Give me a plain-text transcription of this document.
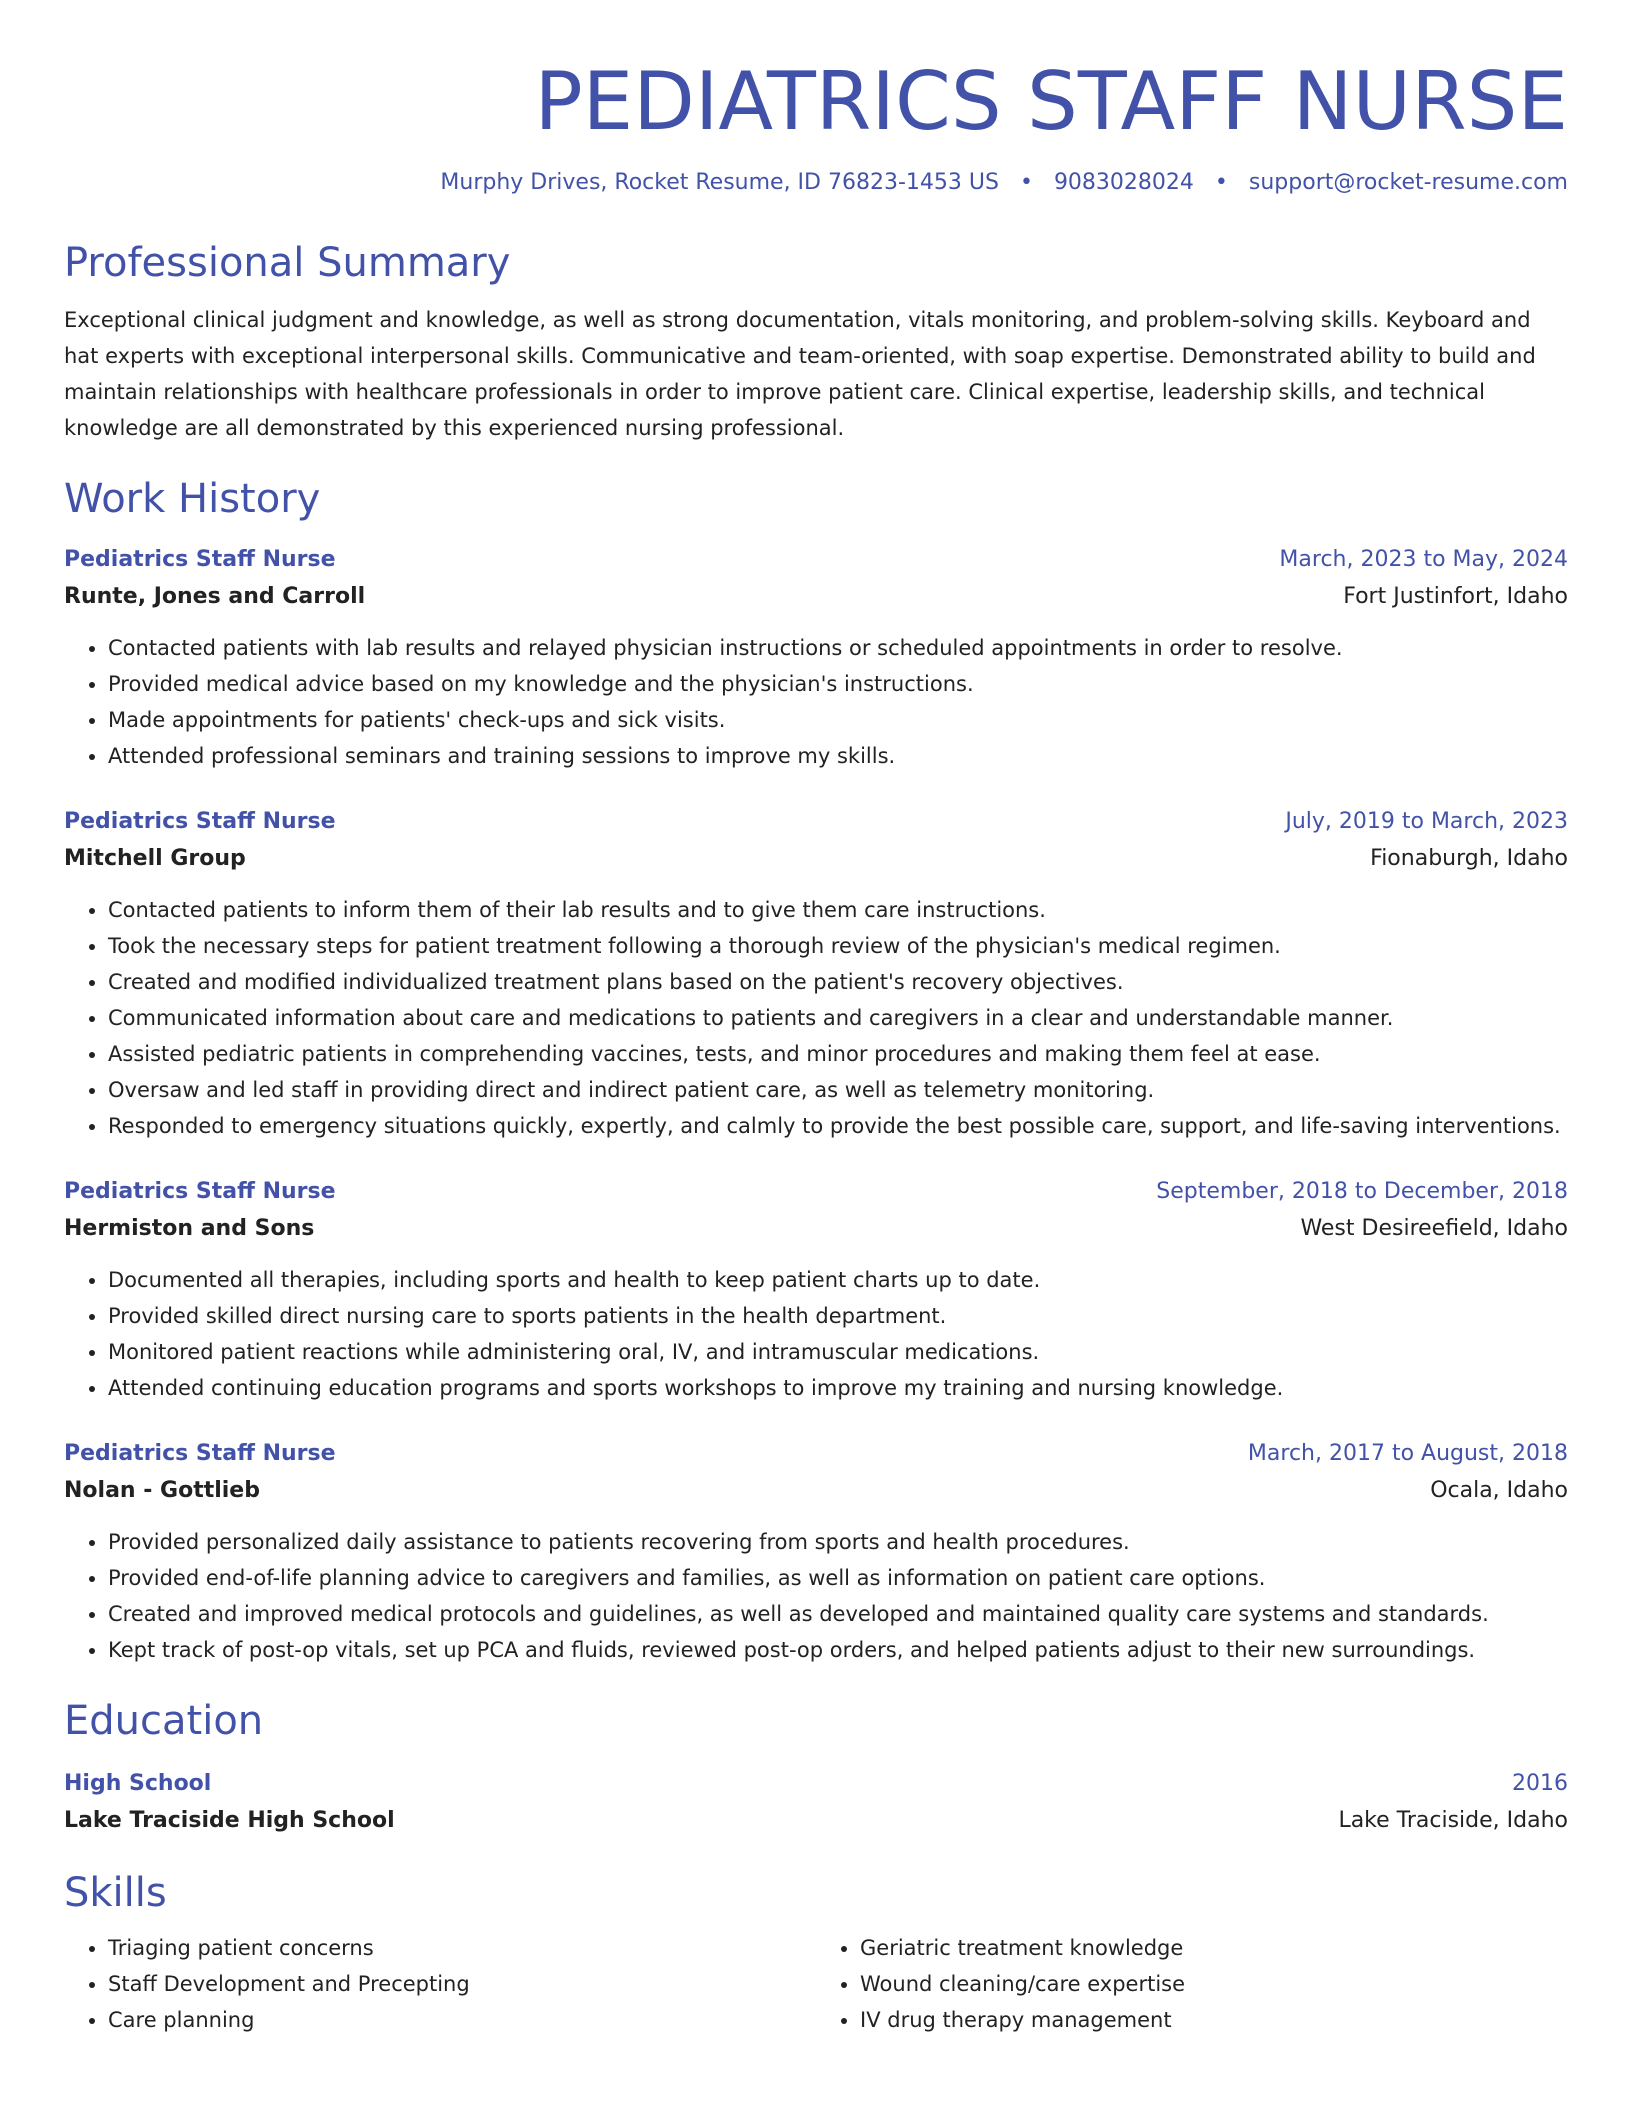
PEDIATRICS STAFF NURSE
Murphy Drives, Rocket Resume, ID 76823-1453 US • 9083028024 • support@rocket-resume.com
Professional Summary
Exceptional clinical judgment and knowledge, as well as strong documentation, vitals monitoring, and problem-solving skills. Keyboard and hat experts with exceptional interpersonal skills. Communicative and team-oriented, with soap expertise. Demonstrated ability to build and maintain relationships with healthcare professionals in order to improve patient care. Clinical expertise, leadership skills, and technical knowledge are all demonstrated by this experienced nursing professional.
Work History
Pediatrics Staff Nurse	March, 2023 to May, 2024
Runte, Jones and Carroll	Fort Justinfort, Idaho
• Contacted patients with lab results and relayed physician instructions or scheduled appointments in order to resolve.
• Provided medical advice based on my knowledge and the physician's instructions.
• Made appointments for patients' check-ups and sick visits.
• Attended professional seminars and training sessions to improve my skills.
Pediatrics Staff Nurse	July, 2019 to March, 2023
Mitchell Group	Fionaburgh, Idaho
• Contacted patients to inform them of their lab results and to give them care instructions.
• Took the necessary steps for patient treatment following a thorough review of the physician's medical regimen.
• Created and modified individualized treatment plans based on the patient's recovery objectives.
• Communicated information about care and medications to patients and caregivers in a clear and understandable manner.
• Assisted pediatric patients in comprehending vaccines, tests, and minor procedures and making them feel at ease.
• Oversaw and led staff in providing direct and indirect patient care, as well as telemetry monitoring.
• Responded to emergency situations quickly, expertly, and calmly to provide the best possible care, support, and life-saving interventions.
Pediatrics Staff Nurse	September, 2018 to December, 2018
Hermiston and Sons	West Desireefield, Idaho
• Documented all therapies, including sports and health to keep patient charts up to date.
• Provided skilled direct nursing care to sports patients in the health department.
• Monitored patient reactions while administering oral, IV, and intramuscular medications.
• Attended continuing education programs and sports workshops to improve my training and nursing knowledge.
Pediatrics Staff Nurse	March, 2017 to August, 2018
Nolan - Gottlieb	Ocala, Idaho
• Provided personalized daily assistance to patients recovering from sports and health procedures.
• Provided end-of-life planning advice to caregivers and families, as well as information on patient care options.
• Created and improved medical protocols and guidelines, as well as developed and maintained quality care systems and standards.
• Kept track of post-op vitals, set up PCA and fluids, reviewed post-op orders, and helped patients adjust to their new surroundings.
Education
High School	2016
Lake Traciside High School	Lake Traciside, Idaho
Skills
• Triaging patient concerns
• Staff Development and Precepting
• Care planning
• Geriatric treatment knowledge
• Wound cleaning/care expertise
• IV drug therapy management
